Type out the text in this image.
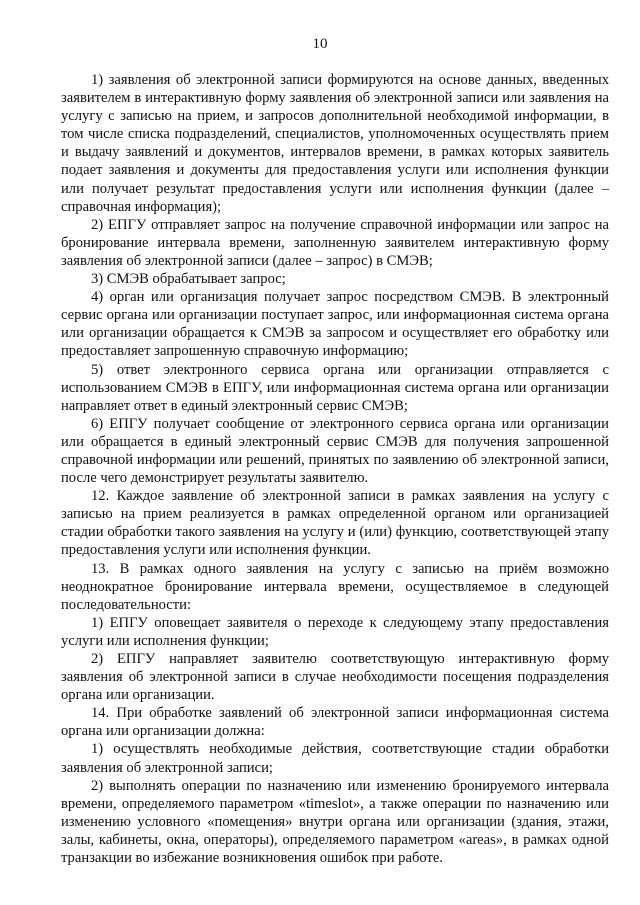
10

1) заявления об электронной записи формируются на основе данных, введенных заявителем в интерактивную форму заявления об электронной записи или заявления на услугу с записью на прием, и запросов дополнительной необходимой информации, в том числе списка подразделений, специалистов, уполномоченных осуществлять прием и выдачу заявлений и документов, интервалов времени, в рамках которых заявитель подает заявления и документы для предоставления услуги или исполнения функции или получает результат предоставления услуги или исполнения функции (далее – справочная информация);

2) ЕПГУ отправляет запрос на получение справочной информации или запрос на бронирование интервала времени, заполненную заявителем интерактивную форму заявления об электронной записи (далее – запрос) в СМЭВ;

3) СМЭВ обрабатывает запрос;

4) орган или организация получает запрос посредством СМЭВ. В электронный сервис органа или организации поступает запрос, или информационная система органа или организации обращается к СМЭВ за запросом и осуществляет его обработку или предоставляет запрошенную справочную информацию;

5) ответ электронного сервиса органа или организации отправляется с использованием СМЭВ в ЕПГУ, или информационная система органа или организации направляет ответ в единый электронный сервис СМЭВ;

6) ЕПГУ получает сообщение от электронного сервиса органа или организации или обращается в единый электронный сервис СМЭВ для получения запрошенной справочной информации или решений, принятых по заявлению об электронной записи, после чего демонстрирует результаты заявителю.

12. Каждое заявление об электронной записи в рамках заявления на услугу с записью на прием реализуется в рамках определенной органом или организацией стадии обработки такого заявления на услугу и (или) функцию, соответствующей этапу предоставления услуги или исполнения функции.

13. В рамках одного заявления на услугу с записью на приём возможно неоднократное бронирование интервала времени, осуществляемое в следующей последовательности:

1) ЕПГУ оповещает заявителя о переходе к следующему этапу предоставления услуги или исполнения функции;

2) ЕПГУ направляет заявителю соответствующую интерактивную форму заявления об электронной записи в случае необходимости посещения подразделения органа или организации.

14. При обработке заявлений об электронной записи информационная система органа или организации должна:

1) осуществлять необходимые действия, соответствующие стадии обработки заявления об электронной записи;

2) выполнять операции по назначению или изменению бронируемого интервала времени, определяемого параметром «timeslot», а также операции по назначению или изменению условного «помещения» внутри органа или организации (здания, этажи, залы, кабинеты, окна, операторы), определяемого параметром «areas», в рамках одной транзакции во избежание возникновения ошибок при работе.
